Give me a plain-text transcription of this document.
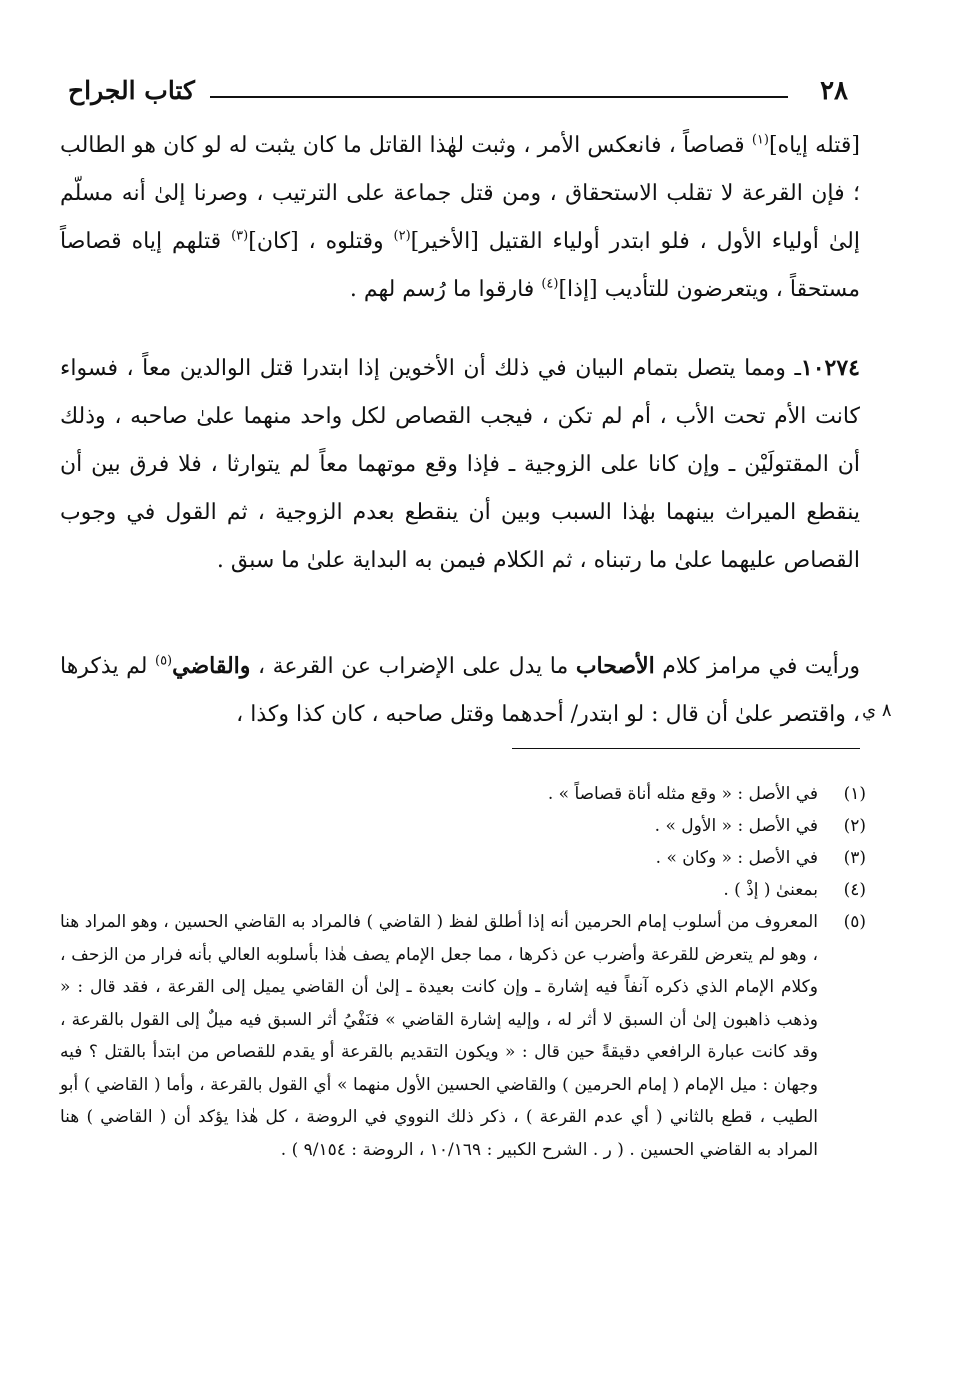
٢٨
كتاب الجراح

[قتله إياه]$^{(١)}$ قصاصاً ، فانعكس الأمر ، وثبت لهٰذا القاتل ما كان يثبت له لو كان هو الطالب ؛ فإن القرعة لا تقلب الاستحقاق ، ومن قتل جماعة على الترتيب ، وصرنا إلىٰ أنه مسلّم إلىٰ أولياء الأول ، فلو ابتدر أولياء القتيل [الأخير]$^{(٢)}$ وقتلوه ، [كان]$^{(٣)}$ قتلهم إياه قصاصاً مستحقاً ، ويتعرضون للتأديب [إذا]$^{(٤)}$ فارقوا ما رُسم لهم .

١٠٢٧٤ـ ومما يتصل بتمام البيان في ذلك أن الأخوين إذا ابتدرا قتل الوالدين معاً ، فسواء كانت الأم تحت الأب ، أم لم تكن ، فيجب القصاص لكل واحد منهما علىٰ صاحبه ، وذلك أن المقتولَيْن ـ وإن كانا على الزوجية ـ فإذا وقع موتهما معاً لم يتوارثا ، فلا فرق بين أن ينقطع الميراث بينهما بهٰذا السبب وبين أن ينقطع بعدم الزوجية ، ثم القول في وجوب القصاص عليهما علىٰ ما رتبناه ، ثم الكلام فيمن به البداية علىٰ ما سبق .

ورأيت في مرامز كلام الأصحاب ما يدل على الإضراب عن القرعة ، والقاضي$^{(٥)}$ لم يذكرها ، واقتصر علىٰ أن قال : لو ابتدر/ أحدهما وقتل صاحبه ، كان كذا وكذا ، ٨ ي
(١)
في الأصل : « وقع مثله أناة قصاصاً » .
(٢)
في الأصل : « الأول » .
(٣)
في الأصل : « وكان » .
(٤)
بمعنىٰ ( إذْ ) .
(٥)
المعروف من أسلوب إمام الحرمين أنه إذا أطلق لفظ ( القاضي ) فالمراد به القاضي الحسين ، وهو المراد هنا ، وهو لم يتعرض للقرعة وأضرب عن ذكرها ، مما جعل الإمام يصف هٰذا بأسلوبه العالي بأنه فرار من الزحف ، وكلام الإمام الذي ذكره آنفاً فيه إشارة ـ وإن كانت بعيدة ـ إلىٰ أن القاضي يميل إلى القرعة ، فقد قال : « وذهب ذاهبون إلىٰ أن السبق لا أثر له ، وإليه إشارة القاضي » فنَفْيُ أثر السبق فيه ميلٌ إلى القول بالقرعة ، وقد كانت عبارة الرافعي دقيقةً حين قال : « ويكون التقديم بالقرعة أو يقدم للقصاص من ابتدأ بالقتل ؟ فيه وجهان : ميل الإمام ( إمام الحرمين ) والقاضي الحسين الأول منهما » أي القول بالقرعة ، وأما ( القاضي ) أبو الطيب ، قطع بالثاني ( أي عدم القرعة ) ، ذكر ذلك النووي في الروضة ، كل هٰذا يؤكد أن ( القاضي ) هنا المراد به القاضي الحسين . ( ر . الشرح الكبير : ١٠/١٦٩ ، الروضة : ٩/١٥٤ ) .
